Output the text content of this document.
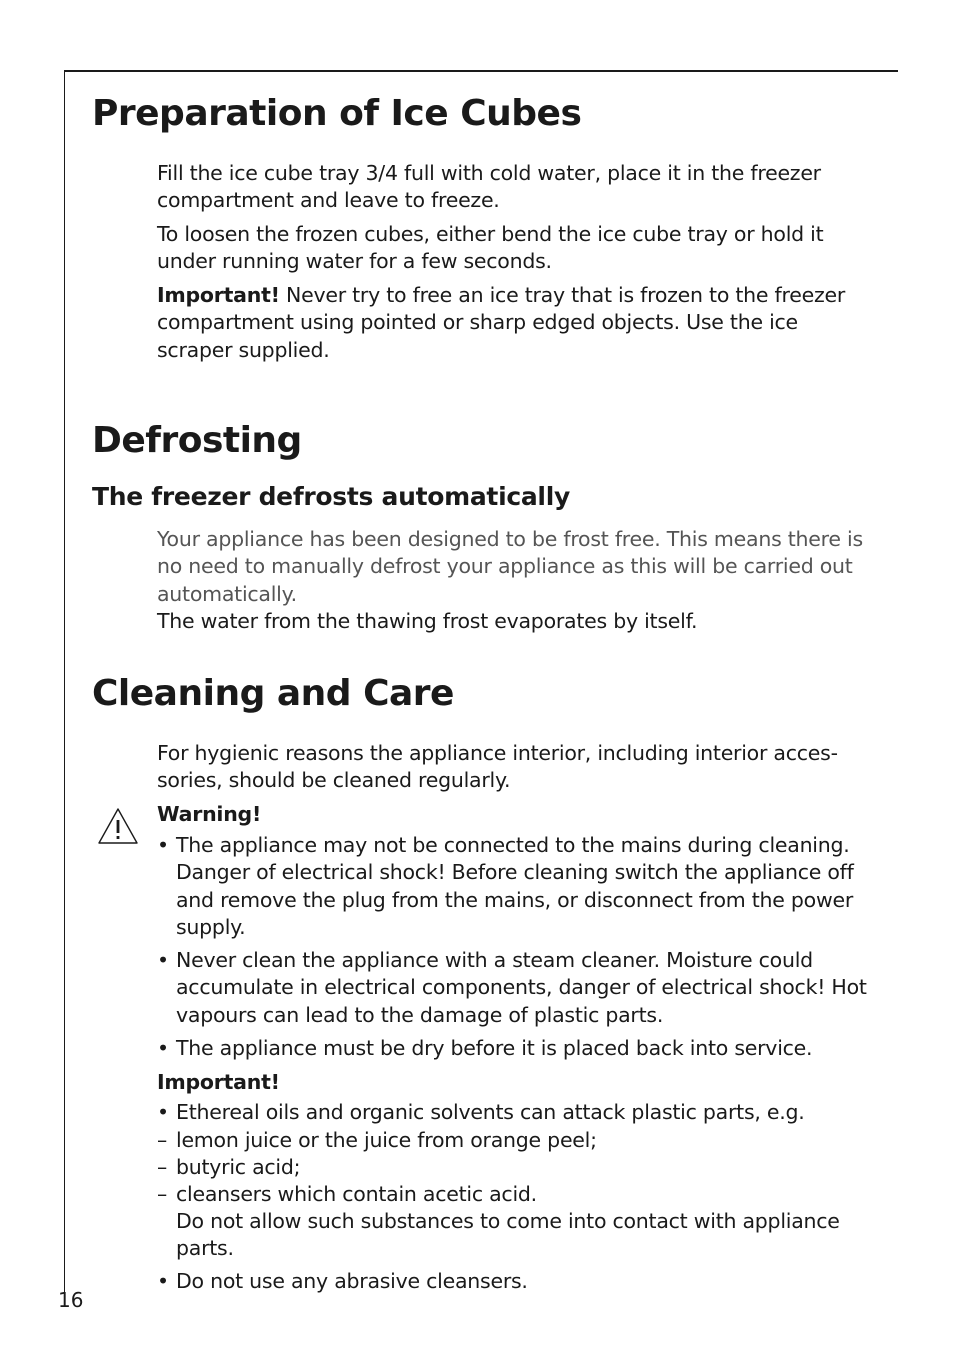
Preparation of Ice Cubes

Fill the ice cube tray 3/4 full with cold water, place it in the freezer compartment and leave to freeze.

To loosen the frozen cubes, either bend the ice cube tray or hold it under running water for a few seconds.

Important! Never try to free an ice tray that is frozen to the freezer compartment using pointed or sharp edged objects. Use the ice scraper supplied.

Defrosting
The freezer defrosts automatically

Your appliance has been designed to be frost free. This means there is no need to manually defrost your appliance as this will be carried out automatically.

The water from the thawing frost evaporates by itself.

Cleaning and Care

For hygienic reasons the appliance interior, including interior acces-sories, should be cleaned regularly.

Warning!

• The appliance may not be connected to the mains during cleaning. Danger of electrical shock! Before cleaning switch the appliance off and remove the plug from the mains, or disconnect from the power supply.

• Never clean the appliance with a steam cleaner. Moisture could accumulate in electrical components, danger of electrical shock! Hot vapours can lead to the damage of plastic parts.

• The appliance must be dry before it is placed back into service.

Important!

• Ethereal oils and organic solvents can attack plastic parts, e.g.

– lemon juice or the juice from orange peel;

– butyric acid;

– cleansers which contain acetic acid.

Do not allow such substances to come into contact with appliance parts.

• Do not use any abrasive cleansers.

16
